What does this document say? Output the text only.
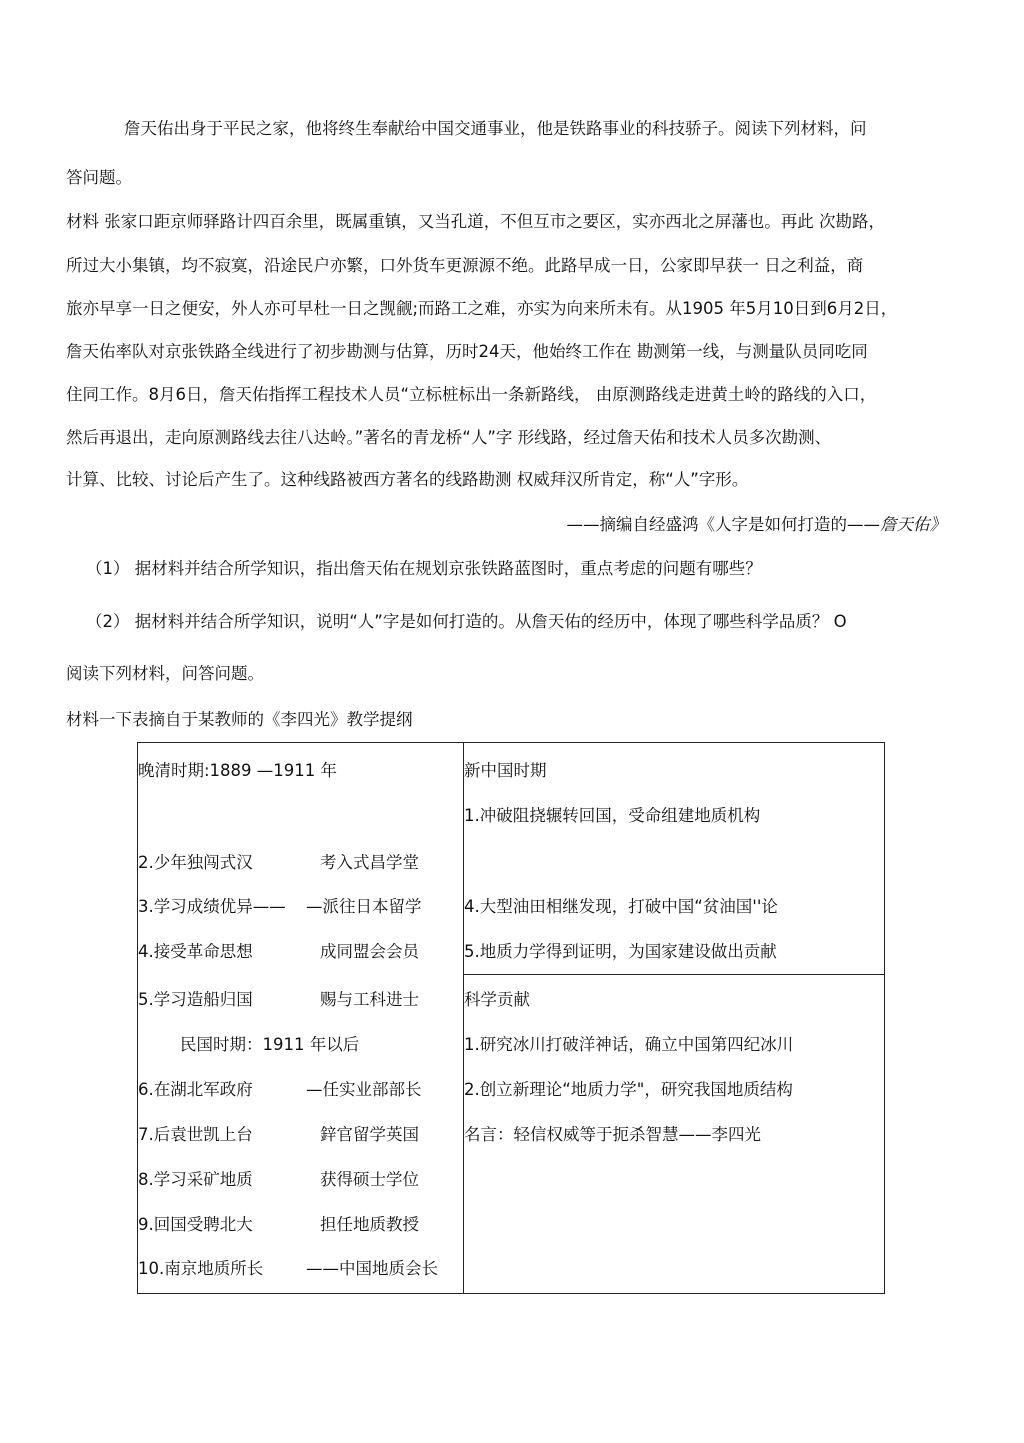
詹天佑出身于平民之家，他将终生奉献给中国交通事业，他是铁路事业的科技骄子。阅读下列材料，问
答问题。
材料 张家口距京师驿路计四百余里，既属重镇，又当孔道，不但互市之要区，实亦西北之屏藩也。再此 次勘路，
所过大小集镇，均不寂寞，沿途民户亦繁，口外货车更源源不绝。此路早成一日，公家即早获一 日之利益，商
旅亦早享一日之便安，外人亦可早杜一日之觊觎;而路工之难，亦实为向来所未有。从1905 年5月10日到6月2日，
詹天佑率队对京张铁路全线进行了初步勘测与估算，历时24天，他始终工作在 勘测第一线，与测量队员同吃同
住同工作。8月6日，詹天佑指挥工程技术人员“立标桩标出一条新路线， 由原测路线走进黄土岭的路线的入口，
然后再退出，走向原测路线去往八达岭。”著名的青龙桥“人”字 形线路，经过詹天佑和技术人员多次勘测、
计算、比较、讨论后产生了。这种线路被西方著名的线路勘测 权威拜汉所肯定，称“人”字形。
——摘编自经盛鸿《人字是如何打造的——詹天佑》
（1） 据材料并结合所学知识，指出詹天佑在规划京张铁路蓝图时，重点考虑的问题有哪些？
（2） 据材料并结合所学知识，说明“人”字是如何打造的。从詹天佑的经历中，体现了哪些科学品质？ O
阅读下列材料，问答问题。
材料一下表摘自于某教师的《李四光》教学提纲
晚清时期:1889 —1911 年
2.少年独闯式汉	考入式昌学堂
3.学习成绩优异—— —派往日本留学
4.接受革命思想	成同盟会会员
5.学习造船归国	赐与工科进士
民国时期：1911 年以后
6.在湖北军政府	—任实业部部长
7.后袁世凯上台	鋅官留学英国
8.学习采矿地质	获得硕士学位
9.回国受聘北大	担任地质教授
10.南京地质所长	——中国地质会长

新中国时期
1.冲破阻挠辗转回国，受命组建地质机构
4.大型油田相继发现，打破中国“贫油国''论
5.地质力学得到证明，为国家建设做出贡献

科学贡献
1.研究冰川打破洋神话，确立中国第四纪冰川
2.创立新理论“地质力学"，研究我国地质结构
名言：轻信权威等于扼杀智慧——李四光
